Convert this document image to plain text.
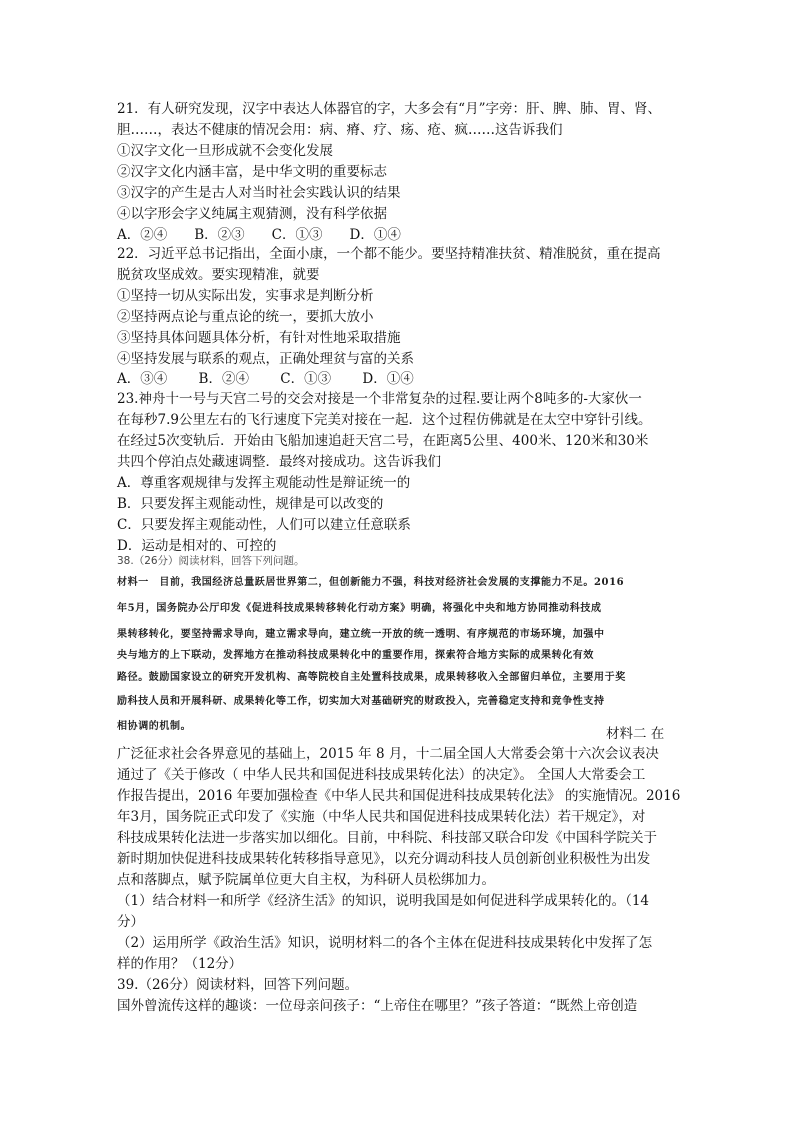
21．有人研究发现，汉字中表达人体器官的字，大多会有“月”字旁：肝、脾、肺、胃、肾、
胆……，表达不健康的情况会用：病、瘠、疗、疡、疮、疯……这告诉我们
①汉字文化一旦形成就不会变化发展
②汉字文化内涵丰富，是中华文明的重要标志
③汉字的产生是古人对当时社会实践认识的结果
④以字形会字义纯属主观猜测，没有科学依据
A．②④　　B．②③　　C．①③　　D．①④
22．习近平总书记指出，全面小康，一个都不能少。要坚持精准扶贫、精准脱贫，重在提高
脱贫攻坚成效。要实现精准，就要
①坚持一切从实际出发，实事求是判断分析
②坚持两点论与重点论的统一，要抓大放小
③坚持具体问题具体分析，有针对性地采取措施
④坚持发展与联系的观点，正确处理贫与富的关系
A．③④　　 B．②④　　 C．①③　　 D．①④
23.神舟十一号与天宫二号的交会对接是一个非常复杂的过程.要让两个8吨多的-大家伙一
在每秒7.9公里左右的飞行速度下完美对接在一起．这个过程仿佛就是在太空中穿针引线。
在经过5次变轨后．开始由飞船加速追赶天宫二号，在距离5公里、400米、120米和30米
共四个停泊点处藏速调整．最终对接成功。这告诉我们
A．尊重客观规律与发挥主观能动性是辩证统一的
B．只要发挥主观能动性，规律是可以改变的
C．只要发挥主观能动性，人们可以建立任意联系
D．运动是相对的、可控的
38.（26分）阅读材料，回答下列问题。
材料一　目前，我国经济总量跃居世界第二，但创新能力不强，科技对经济社会发展的支撑能力不足。2016
年5月，国务院办公厅印发《促进科技成果转移转化行动方案》明确，将强化中央和地方协同推动科技成
果转移转化，要坚持需求导向，建立需求导向，建立统一开放的统一透明、有序规范的市场环境，加强中
央与地方的上下联动，发挥地方在推动科技成果转化中的重要作用，探索符合地方实际的成果转化有效
路径。鼓励国家设立的研究开发机构、高等院校自主处置科技成果，成果转移收入全部留归单位，主要用于奖
励科技人员和开展科研、成果转化等工作，切实加大对基础研究的财政投入，完善稳定支持和竞争性支持
相协调的机制。	材料二 在
广泛征求社会各界意见的基础上，2015 年 8 月，十二届全国人大常委会第十六次会议表决
通过了《关于修改（ 中华人民共和国促进科技成果转化法）的决定》。 全国人大常委会工
作报告提出，2016 年要加强检查《中华人民共和国促进科技成果转化法》 的实施情况。2016
年3月，国务院正式印发了《实施（中华人民共和国促进科技成果转化法）若干规定》，对
科技成果转化法进一步落实加以细化。目前，中科院、科技部又联合印发《中国科学院关于
新时期加快促进科技成果转化转移指导意见》，以充分调动科技人员创新创业积极性为出发
点和落脚点，赋予院属单位更大自主权，为科研人员松绑加力。
（1）结合材料一和所学《经济生活》的知识，说明我国是如何促进科学成果转化的。（14
分）
（2）运用所学《政治生活》知识，说明材料二的各个主体在促进科技成果转化中发挥了怎
样的作用？（12分）
39.（26分）阅读材料，回答下列问题。
国外曾流传这样的趣谈：一位母亲问孩子：“上帝住在哪里？”孩子答道：“既然上帝创造
